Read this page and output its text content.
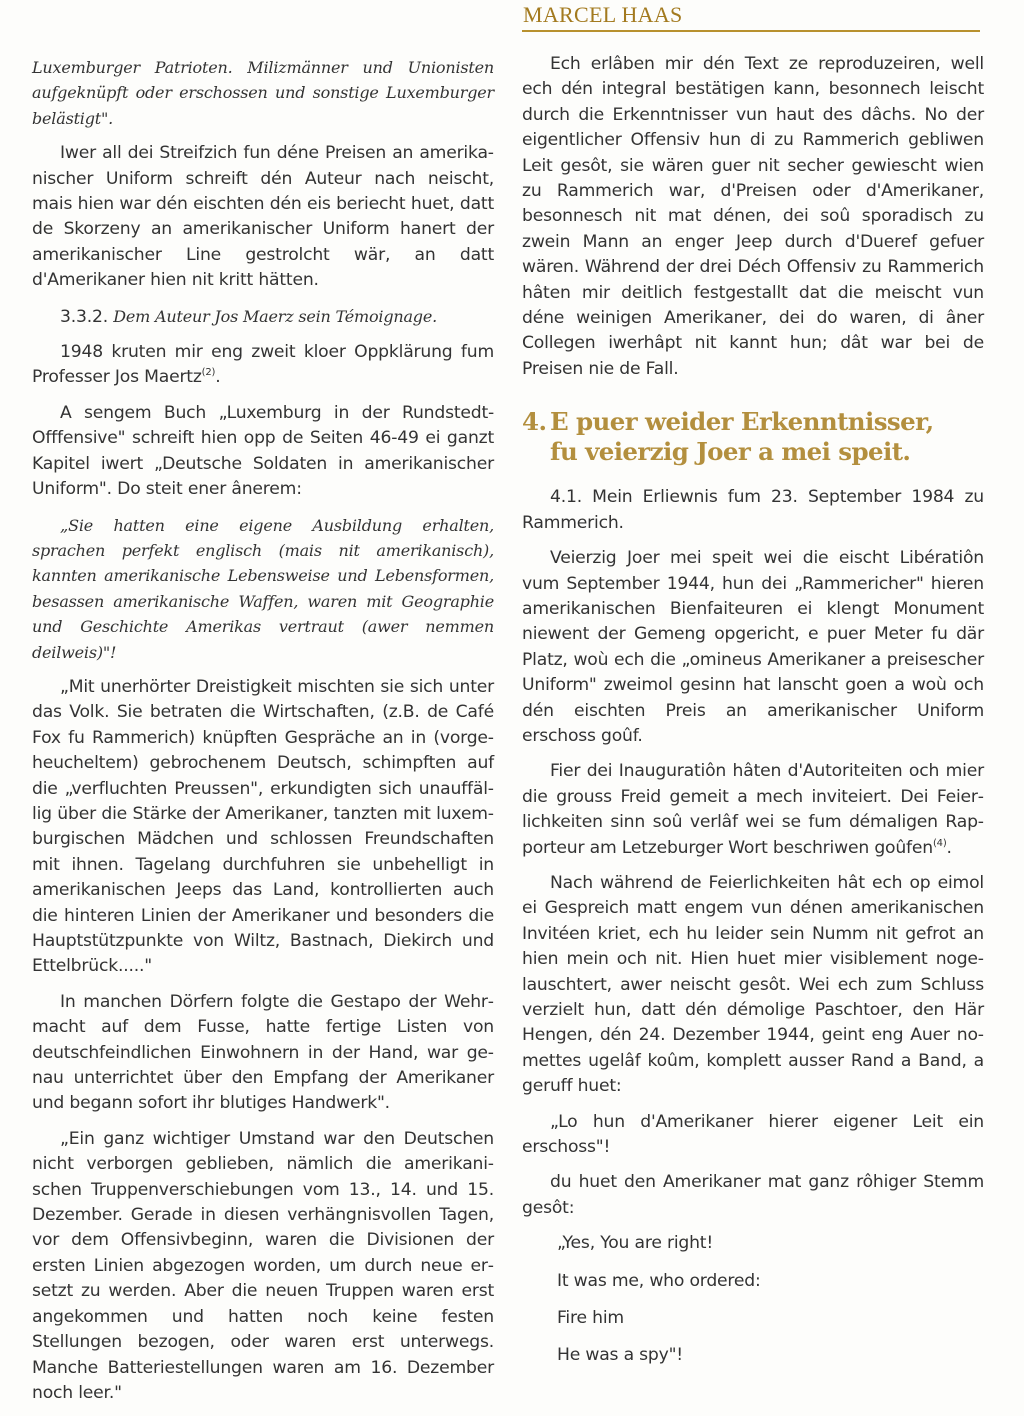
Luxemburger Patrioten. Milizmänner und Unionisten aufgeknüpft oder erschossen und sonstige Luxemburger belästigt".

Iwer all dei Streifzich fun déne Preisen an amerikanischer Uniform schreift dén Auteur nach neischt, mais hien war dén eischten dén eis beriecht huet, datt de Skorzeny an amerikanischer Uniform hanert der amerikanischer Line gestrolcht wär, an datt d'Amerikaner hien nit kritt hätten.

3.3.2. Dem Auteur Jos Maerz sein Témoignage.

1948 kruten mir eng zweit kloer Oppklärung fum Professer Jos Maertz$^{(2)}$.

A sengem Buch „Luxemburg in der Rundstedt-Offfensive" schreift hien opp de Seiten 46-49 ei ganzt Kapitel iwert „Deutsche Soldaten in amerikanischer Uniform". Do steit ener ânerem:

„Sie hatten eine eigene Ausbildung erhalten, sprachen perfekt englisch (mais nit amerikanisch), kannten amerikanische Lebensweise und Lebensformen, besassen amerikanische Waffen, waren mit Geographie und Geschichte Amerikas vertraut (awer nemmen deilweis)"!

„Mit unerhörter Dreistigkeit mischten sie sich unter das Volk. Sie betraten die Wirtschaften, (z.B. de Café Fox fu Rammerich) knüpften Gespräche an in (vorgeheucheltem) gebrochenem Deutsch, schimpften auf die „verfluchten Preussen", erkundigten sich unauffällig über die Stärke der Amerikaner, tanzten mit luxemburgischen Mädchen und schlossen Freundschaften mit ihnen. Tagelang durchfuhren sie unbehelligt in amerikanischen Jeeps das Land, kontrollierten auch die hinteren Linien der Amerikaner und besonders die Hauptstützpunkte von Wiltz, Bastnach, Diekirch und Ettelbrück....."

In manchen Dörfern folgte die Gestapo der Wehrmacht auf dem Fusse, hatte fertige Listen von deutschfeindlichen Einwohnern in der Hand, war genau unterrichtet über den Empfang der Amerikaner und begann sofort ihr blutiges Handwerk".

„Ein ganz wichtiger Umstand war den Deutschen nicht verborgen geblieben, nämlich die amerikanischen Truppenverschiebungen vom 13., 14. und 15. Dezember. Gerade in diesen verhängnisvollen Tagen, vor dem Offensivbeginn, waren die Divisionen der ersten Linien abgezogen worden, um durch neue ersetzt zu werden. Aber die neuen Truppen waren erst angekommen und hatten noch keine festen Stellungen bezogen, oder waren erst unterwegs. Manche Batteriestellungen waren am 16. Dezember noch leer."

MARCEL HAAS

Ech erlâben mir dén Text ze reproduzeiren, well ech dén integral bestätigen kann, besonnech leischt durch die Erkenntnisser vun haut des dâchs. No der eigentlicher Offensiv hun di zu Rammerich gebliwen Leit gesôt, sie wären guer nit secher gewiescht wien zu Rammerich war, d'Preisen oder d'Amerikaner, besonnesch nit mat dénen, dei soû sporadisch zu zwein Mann an enger Jeep durch d'Dueref gefuer wären. Während der drei Déch Offensiv zu Rammerich hâten mir deitlich festgestallt dat die meischt vun déne weinigen Amerikaner, dei do waren, di âner Collegen iwerhâpt nit kannt hun; dât war bei de Preisen nie de Fall.

4. E puer weider Erkenntnisser,
fu veierzig Joer a mei speit.

4.1. Mein Erliewnis fum 23. September 1984 zu Rammerich.

Veierzig Joer mei speit wei die eischt Libératiôn vum September 1944, hun dei „Rammericher" hieren amerikanischen Bienfaiteuren ei klengt Monument niewent der Gemeng opgericht, e puer Meter fu där Platz, woù ech die „omineus Amerikaner a preisescher Uniform" zweimol gesinn hat lanscht goen a woù och dén eischten Preis an amerikanischer Uniform erschoss goûf.

Fier dei Inauguratiôn hâten d'Autoriteiten och mier die grouss Freid gemeit a mech inviteiert. Dei Feierlichkeiten sinn soû verlâf wei se fum démaligen Rapporteur am Letzeburger Wort beschriwen goûfen$^{(4)}$.

Nach während de Feierlichkeiten hât ech op eimol ei Gespreich matt engem vun dénen amerikanischen Invitéen kriet, ech hu leider sein Numm nit gefrot an hien mein och nit. Hien huet mier visiblement nogelauschtert, awer neischt gesôt. Wei ech zum Schluss verzielt hun, datt dén démolige Paschtoer, den Här Hengen, dén 24. Dezember 1944, geint eng Auer nomettes ugelâf koûm, komplett ausser Rand a Band, a geruff huet:

„Lo hun d'Amerikaner hierer eigener Leit ein erschoss"!

du huet den Amerikaner mat ganz rôhiger Stemm gesôt:

„Yes, You are right!

It was me, who ordered:

Fire him

He was a spy"!
